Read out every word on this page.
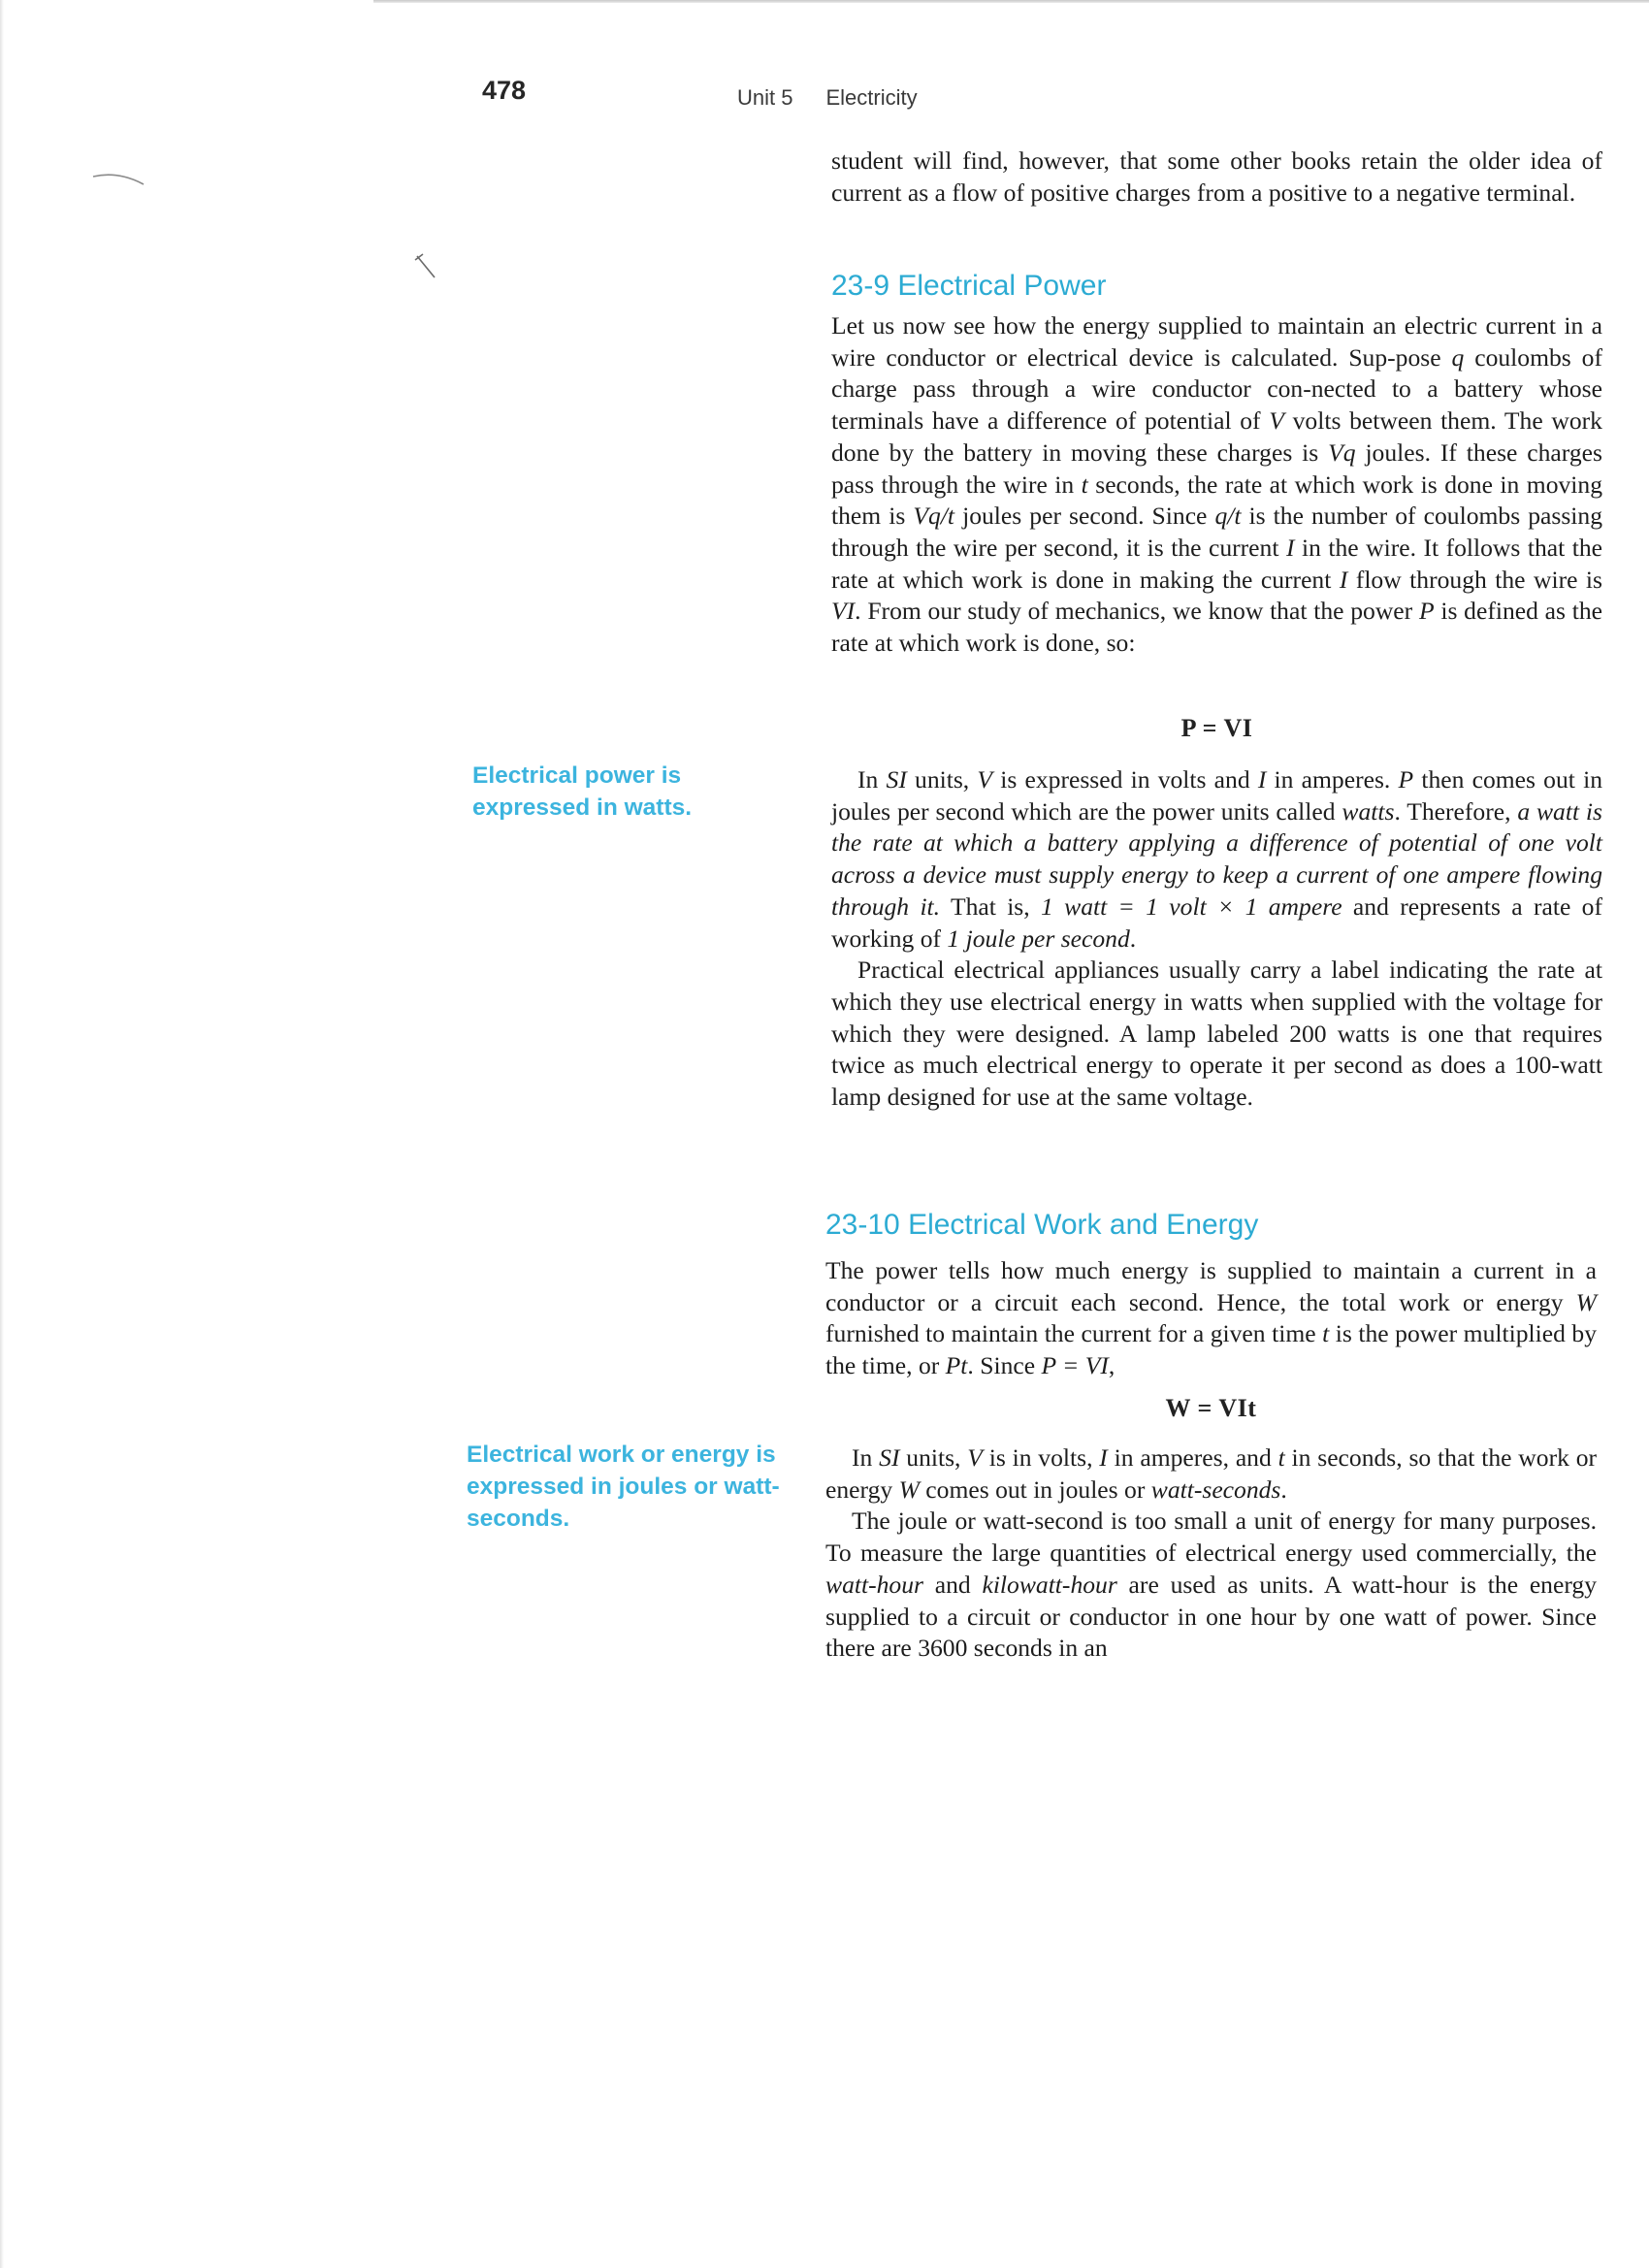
478	Unit 5 Electricity

student will find, however, that some other books retain the older idea of current as a flow of positive charges from a positive to a negative terminal.

23-9 Electrical Power

Let us now see how the energy supplied to maintain an electric current in a wire conductor or electrical device is calculated. Sup-pose q coulombs of charge pass through a wire conductor con-nected to a battery whose terminals have a difference of potential of V volts between them. The work done by the battery in moving these charges is Vq joules. If these charges pass through the wire in t seconds, the rate at which work is done in moving them is Vq/t joules per second. Since q/t is the number of coulombs passing through the wire per second, it is the current I in the wire. It follows that the rate at which work is done in making the current I flow through the wire is VI. From our study of mechanics, we know that the power P is defined as the rate at which work is done, so:

P = VI
Electrical power is expressed in watts.

In SI units, V is expressed in volts and I in amperes. P then comes out in joules per second which are the power units called watts. Therefore, a watt is the rate at which a battery applying a difference of potential of one volt across a device must supply energy to keep a current of one ampere flowing through it. That is, 1 watt = 1 volt × 1 ampere and represents a rate of working of 1 joule per second.

Practical electrical appliances usually carry a label indicating the rate at which they use electrical energy in watts when supplied with the voltage for which they were designed. A lamp labeled 200 watts is one that requires twice as much electrical energy to operate it per second as does a 100-watt lamp designed for use at the same voltage.

23-10 Electrical Work and Energy

The power tells how much energy is supplied to maintain a current in a conductor or a circuit each second. Hence, the total work or energy W furnished to maintain the current for a given time t is the power multiplied by the time, or Pt. Since P = VI,

W = VIt
Electrical work or energy is expressed in joules or watt-seconds.

In SI units, V is in volts, I in amperes, and t in seconds, so that the work or energy W comes out in joules or watt-seconds.

The joule or watt-second is too small a unit of energy for many purposes. To measure the large quantities of electrical energy used commercially, the watt-hour and kilowatt-hour are used as units. A watt-hour is the energy supplied to a circuit or conductor in one hour by one watt of power. Since there are 3600 seconds in an
